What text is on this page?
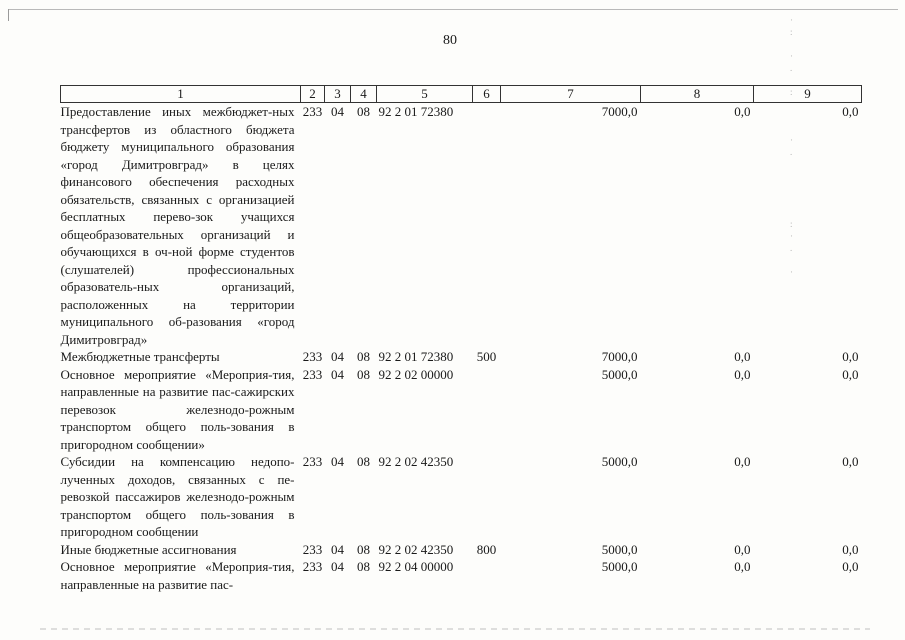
80
1	2	3	4	5	6	7	8	9
Предоставление иных межбюджет-ных трансфертов из областного бюджета бюджету муниципального образования «город Димитровград» в целях финансового обеспечения расходных обязательств, связанных с организацией бесплатных перево-зок учащихся общеобразовательных организаций и обучающихся в оч-ной форме студентов (слушателей) профессиональных образователь-ных организаций, расположенных на территории муниципального об-разования «город Димитровград»	233	04	08	92 2 01 72380		7000,0	0,0	0,0
Межбюджетные трансферты	233	04	08	92 2 01 72380	500	7000,0	0,0	0,0
Основное мероприятие «Мероприя-тия, направленные на развитие пас-сажирских перевозок железнодо-рожным транспортом общего поль-зования в пригородном сообщении»	233	04	08	92 2 02 00000		5000,0	0,0	0,0
Субсидии на компенсацию недопо-лученных доходов, связанных с пе-ревозкой пассажиров железнодо-рожным транспортом общего поль-зования в пригородном сообщении	233	04	08	92 2 02 42350		5000,0	0,0	0,0
Иные бюджетные ассигнования	233	04	08	92 2 02 42350	800	5000,0	0,0	0,0
Основное мероприятие «Мероприя-тия, направленные на развитие пас-	233	04	08	92 2 04 00000		5000,0	0,0	0,0
·
:

·
.

:

·
.

:
·
.

·
